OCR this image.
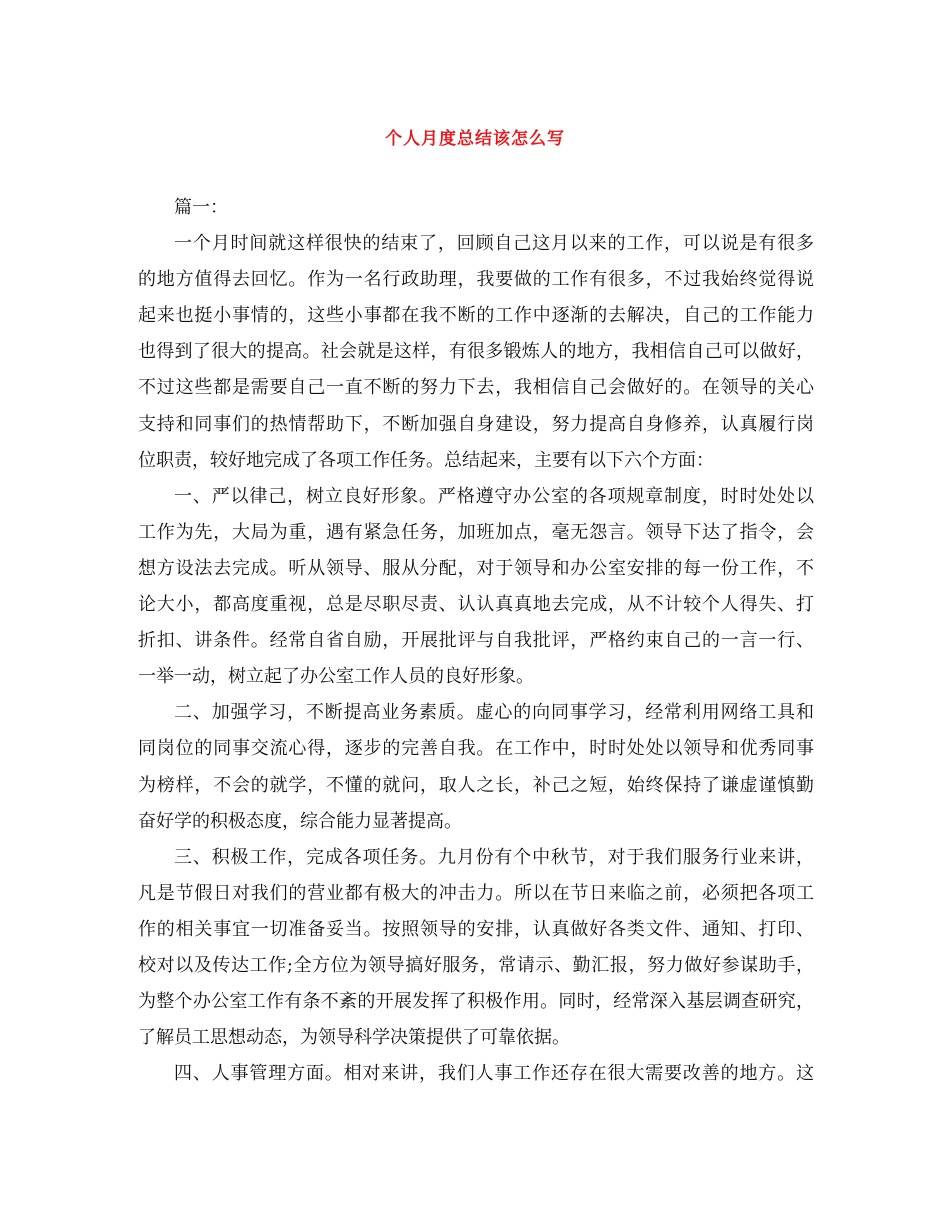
个人月度总结该怎么写
篇一：
一个月时间就这样很快的结束了，回顾自己这月以来的工作，可以说是有很多
的地方值得去回忆。作为一名行政助理，我要做的工作有很多，不过我始终觉得说
起来也挺小事情的，这些小事都在我不断的工作中逐渐的去解决，自己的工作能力
也得到了很大的提高。社会就是这样，有很多锻炼人的地方，我相信自己可以做好，
不过这些都是需要自己一直不断的努力下去，我相信自己会做好的。在领导的关心
支持和同事们的热情帮助下，不断加强自身建设，努力提高自身修养，认真履行岗
位职责，较好地完成了各项工作任务。总结起来，主要有以下六个方面：
一、严以律己，树立良好形象。严格遵守办公室的各项规章制度，时时处处以
工作为先，大局为重，遇有紧急任务，加班加点，毫无怨言。领导下达了指令，会
想方设法去完成。听从领导、服从分配，对于领导和办公室安排的每一份工作，不
论大小，都高度重视，总是尽职尽责、认认真真地去完成，从不计较个人得失、打
折扣、讲条件。经常自省自励，开展批评与自我批评，严格约束自己的一言一行、
一举一动，树立起了办公室工作人员的良好形象。
二、加强学习，不断提高业务素质。虚心的向同事学习，经常利用网络工具和
同岗位的同事交流心得，逐步的完善自我。在工作中，时时处处以领导和优秀同事
为榜样，不会的就学，不懂的就问，取人之长，补己之短，始终保持了谦虚谨慎勤
奋好学的积极态度，综合能力显著提高。
三、积极工作，完成各项任务。九月份有个中秋节，对于我们服务行业来讲，
凡是节假日对我们的营业都有极大的冲击力。所以在节日来临之前，必须把各项工
作的相关事宜一切准备妥当。按照领导的安排，认真做好各类文件、通知、打印、
校对以及传达工作;全方位为领导搞好服务，常请示、勤汇报，努力做好参谋助手，
为整个办公室工作有条不紊的开展发挥了积极作用。同时，经常深入基层调查研究，
了解员工思想动态，为领导科学决策提供了可靠依据。
四、人事管理方面。相对来讲，我们人事工作还存在很大需要改善的地方。这
